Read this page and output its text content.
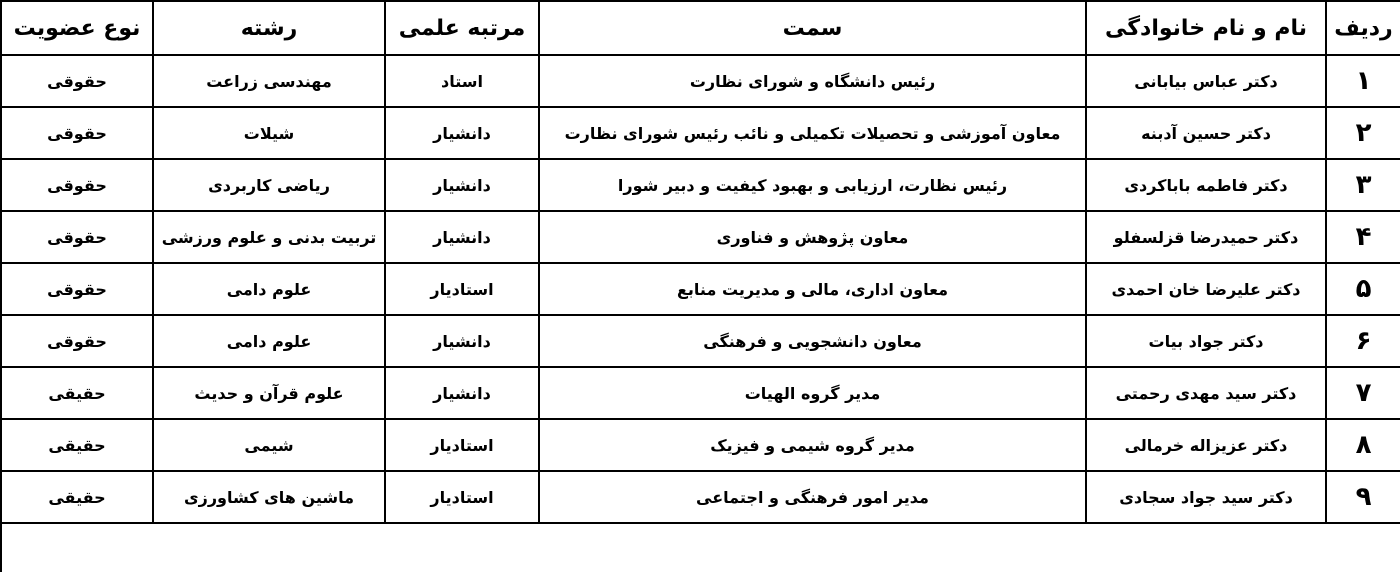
ردیف	نام و نام خانوادگی	سمت	مرتبه علمی	رشته	نوع عضویت
۱	دکتر عباس بیابانی	رئیس دانشگاه و شورای نظارت	استاد	مهندسی زراعت	حقوقی
۲	دکتر حسین آدبنه	معاون آموزشی و تحصیلات تکمیلی و نائب رئیس شورای نظارت	دانشیار	شیلات	حقوقی
۳	دکتر فاطمه باباکردی	رئیس نظارت، ارزیابی و بهبود کیفیت و دبیر شورا	دانشیار	ریاضی کاربردی	حقوقی
۴	دکتر حمیدرضا قزلسفلو	معاون پژوهش و فناوری	دانشیار	تربیت بدنی و علوم ورزشی	حقوقی
۵	دکتر علیرضا خان احمدی	معاون اداری، مالی و مدیریت منابع	استادیار	علوم دامی	حقوقی
۶	دکتر جواد بیات	معاون دانشجویی و فرهنگی	دانشیار	علوم دامی	حقوقی
۷	دکتر سید مهدی رحمتی	مدیر گروه الهیات	دانشیار	علوم قرآن و حدیث	حقیقی
۸	دکتر عزیزاله خرمالی	مدیر گروه شیمی و فیزیک	استادیار	شیمی	حقیقی
۹	دکتر سید جواد سجادی	مدیر امور فرهنگی و اجتماعی	استادیار	ماشین های کشاورزی	حقیقی
